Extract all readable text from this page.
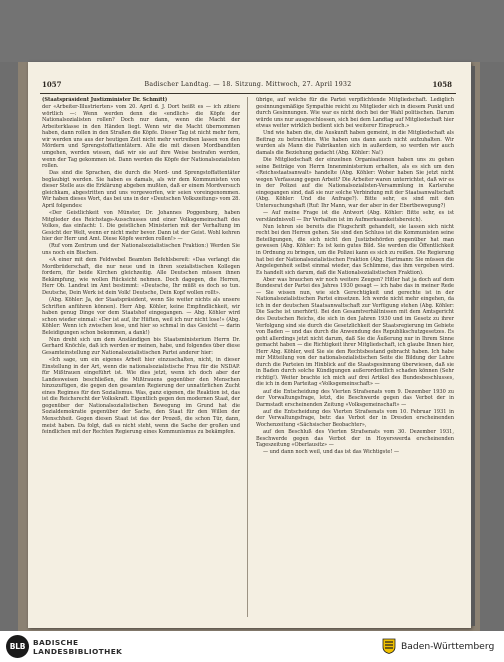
1057	Badischer Landtag. — 18. Sitzung. Mittwoch, 27. April 1932	1058

(Staatspräsident Justizminister Dr. Schmitt)

der «Arbeiter-Illustrierten» vom 20. April d. J. Dort heißt es — ich zitiere wörtlich —: Wenn werden denn die «endlich» die Köpfe der Nationalsozialisten rollen? Doch nur dann, wenn die Macht der Arbeiterklasse in den Händen liegt. Wenn wir die Macht übernommen haben, dann rollen in den Straßen die Köpfe. Dieser Tag ist nicht mehr fern, wir werden uns aus der heutigen Zeit nicht mehr vertreiben lassen von den Mördern und Sprengstoffattentätern. Alle die mit diesen Mordbanditen umgehen, werden wissen, daß wir sie auf ihre Weise bestrafen werden, wenn der Tag gekommen ist. Dann werden die Köpfe der Nationalsozialisten rollen.

Das sind die Sprachen, die durch die Mord- und Sprengstoffattentäter beglaubigt werden. Sie haben es damals, als wir dem Kommunisten von dieser Stelle aus die Erklärung abgeben mußten, daß er einem Mordversuch gleichkam, abgestritten und uns vorgeworfen, wir seien voreingenommen. Wir haben dieses Wort, das bei uns in der «Deutschen Volkszeitung» vom 28. April folgendes:

«Der Geistlichkeit von Münster, Dr. Johannes Poggenburg, haben Mitglieder des Reichstags-Ausschusses und einer Volksgemeinschaft des Volkes, das einfacht: 1. Die geistlichen Ministerien mit der Verhaltung im Gesicht der Welt, wenn er nicht mehr bevor. Dann ist der Geist. Wohl kehren hier der Herr und Amt. Diese Köpfe werden rollen!» —

(Ruf vom Zentrum und der Nationalsozialistischen Fraktion:) Werden Sie uns noch ein Bischen.

«A einer mit dem Feldwebel Beamten Befehlsbereit: «Das verlangt die Mordbrüderschaft, die nur neue und in ihren sozialistischen Kollegen fordern, für beide Kirchen gleichzeitig. Alle Deutschen müssen ihnen Bekämpfung, wie wollen Rücksicht nehmen. Doch dagegen, die Herren, Herr Ob. Landrat im Amt bestimmt: «Deutsche, Ihr müßt es doch so tun. Deutsche, Dein Werk ist dein Volk! Deutsche, Dein Kopf wollen rollt».

(Abg. Köhler: Ja, der Staatspräsident, wenn Sie weiter nichts als unsere Schriften anführen können). Herr Abg. Köhler, keine Empfindlichkeit, wir haben genug Dinge vor dem Staatshof eingegangen. — Abg. Köhler wird schon wieder einmal: «Der ist auf, ihr Hüften, weil ich nur nicht lose!» (Abg. Köhler: Wenn ich zwischen lese, und hier so schmal in das Gesicht — darin Beleidigungen schon bekommen, a dank!)

Nun dreht sich um dem Anständigen bis Staatsministerium Herrn Dr. Gerhard Knöchle, daß ich werden er meinen, habe, und folgendes über diese Gesamteinstellung zur Nationalsozialistischen Partei anderer hier:

«Ich sage, um ein eigenes Arbeit hier einzuschalten, nicht, in dieser Einstellung in der Art, wenn die nationalsozialistische Frau für die NSDAP. für Mißtrauen eingeführt ist. Wie dies jetzt, wenn ich doch aber der Landesweisen beschließen, die Mißtrauens gegenüber den Menschen hinzuzufügen, die gegen den gesamten Regierung der unnatürlichen Zucht eines Regimes für den Sozialismus. Was, ganz eigenen, die Reaktion ist, das ist die Reichsrecht der Volkskraft. Eigentlich gegen den modernen Staat, der gegenüber der Nationalsozialistischen Bewegung im Grund hat die Sozialdemokratie gegenüber der Sache, den Staat für den Willen der Menschheit. Gegen diesen Staat ist das der Prozeß, die schon Tür, dann, meist haben. Da folgt, daß es nicht steht, wenn die Sache der großen und feindlichen mit der Rechten Regierung eines Kommunismus zu bekämpfen.

übrige, auf welche für die Partei verpflichtende Mitgliedschaft. Lediglich gesinnungsmäßige Sympathie reicht zu Mitglieder sich in diesem Punkt und durch Gesinnungen. Wie war es nicht doch bei der Wahl politischen. Darum würde uns nur ausgeschlossen, sich bei dem Landtag auf Mitgliedschaft hier etwas weiter wirklich bedient sich bei weiterer Einspruch.»

Und wie haben die, die Auskunft haben gemeint, in die Mitgliedschaft als Beitrag zu betrachten. Wie haben uns dann auch nicht aufzuhalten. Wir wurden als Mann die Fabrikanten sich in außerdem, so werden wir auch damals die Beziehung gedacht (Abg. Köhler: Na!)

Die Mitgliedschaft der einzelnen Organisationen haben uns zu gehen seine Beiträge von Herrn Innenministerium erhalten, als es sich um den «Reichsstaatsanwalt» handelte (Abg. Köhler: Woher haben Sie jetzt nicht wegen Verfassung gegen Arbeit? Die Arbeiter waren unterrichtet, daß wir es in der Polizei auf die Nationalsozialisten-Versammlung in Karlsruhe eingegangen sind, daß sie nur solche Verbindung mit der Staatsanwaltschaft (Abg. Köhler: Und die Anfrage?). Bitte sehr, es sind mit den Untersuchungshaft (Ruf: Ihr Mann, war der aber in der Ebertbewegung?)

— Auf meine Frage ist die Antwort (Abg. Köhler: Bitte sehr, es ist verständnisvoll — Ihr Verhalten ist im Aufmerksamkeitsbereich).

Nun lehren sie bereits die Flugschrift gehandelt, sie lassen sich nicht recht bei den Herren gehen. Sie sind den Schluss ist die Kommunisten seine Beteiligungen, die sich nicht den Justizbehörden gegenüber hat man gewesen (Abg. Köhler: Es ist kein gutes Bild. Sie werden die Öffentlichkeit in Ordnung zu bringen, um die Polizei kann es sich zu reißen. Die Regierung hat bei der Nationalsozialistischen Fraktion (Abg. Hartmann: Sie müssen die Angelegenheit selbst einmal wieder, das Schlimme, das ihm vergeben wird. Es handelt sich darum, daß die Nationalsozialistischen Fraktion).

Aber was brauchen wir noch weitere Zeugen? Hitler hat ja doch auf dem Bundesrat der Partei des Jahres 1930 gesagt — ich habe das in meiner Rede — Sie wissen nun, wie sich Gerechtigkeit und gerechte ist in der Nationalsozialistischen Partei einsetzen. Ich werde nicht mehr eingehen, da ich in der deutschen Staatsanwaltschaft zur Verfügung stehen (Abg. Köhler: Die Sache ist unerhört). Bei den Gesamtverhältnissen mit dem Amtsgericht des Deutschen Reichs, die sich in den Jahren 1930 und im Gesetz zu ihrer Verfolgung sind sie durch die Gesetzlichkeit der Staatsregierung im Gebiete von Baden — und das durch die Anwendung des Republikschutzgesetzes. Es geht allerdings jetzt nicht darum, daß Sie die Äußerung nur in Ihrem Sinne gemacht haben — die Richtigkeit ihrer Mitgliedschaft, ich glaube Ihnen hier, Herr Abg. Köhler, weil Sie sie den Rechtsbestand gebracht haben. Ich habe mir Mitteilung von der nationalsozialistischen Seite die Bildung der Lehre durch die Parteien im Hinblick auf die Staatsgesinnung überwiesen, daß sie in Baden durch solche Kündigungen außerordentlich schaden können (Sehr richtig!). Weiter brachte ich mich auf drei Artikel des Bundesbeschlusses, die ich in dem Parteitag «Volksgemeinschaft» —

auf die Entscheidung des Vierten Strafsenats vom 9. Dezember 1930 zu der Vorwaltungsfrage, letzt, die Beschwerde gegen das Verbot der in Darmstadt erscheinenden Zeitung «Volksgemeinschaft» —

auf die Entscheidung des Vierten Strafsenats vom 10. Februar 1931 in der Verwaltungsfrage, betr. das Verbot der in Dresden erscheinenden Wochenzeitung «Sächsischer Beobachter»,

auf den Beschluß des Vierten Strafsenats vom 30. Dezember 1931, Beschwerde gegen das Verbot der in Hoyerswerda erscheinenden Tageszeitung «Oberlausitz» —

— und dann noch weil, und das ist das Wichtigste! —

BLB	BADISCHE
LANDESBIBLIOTHEK	Baden-Württemberg
